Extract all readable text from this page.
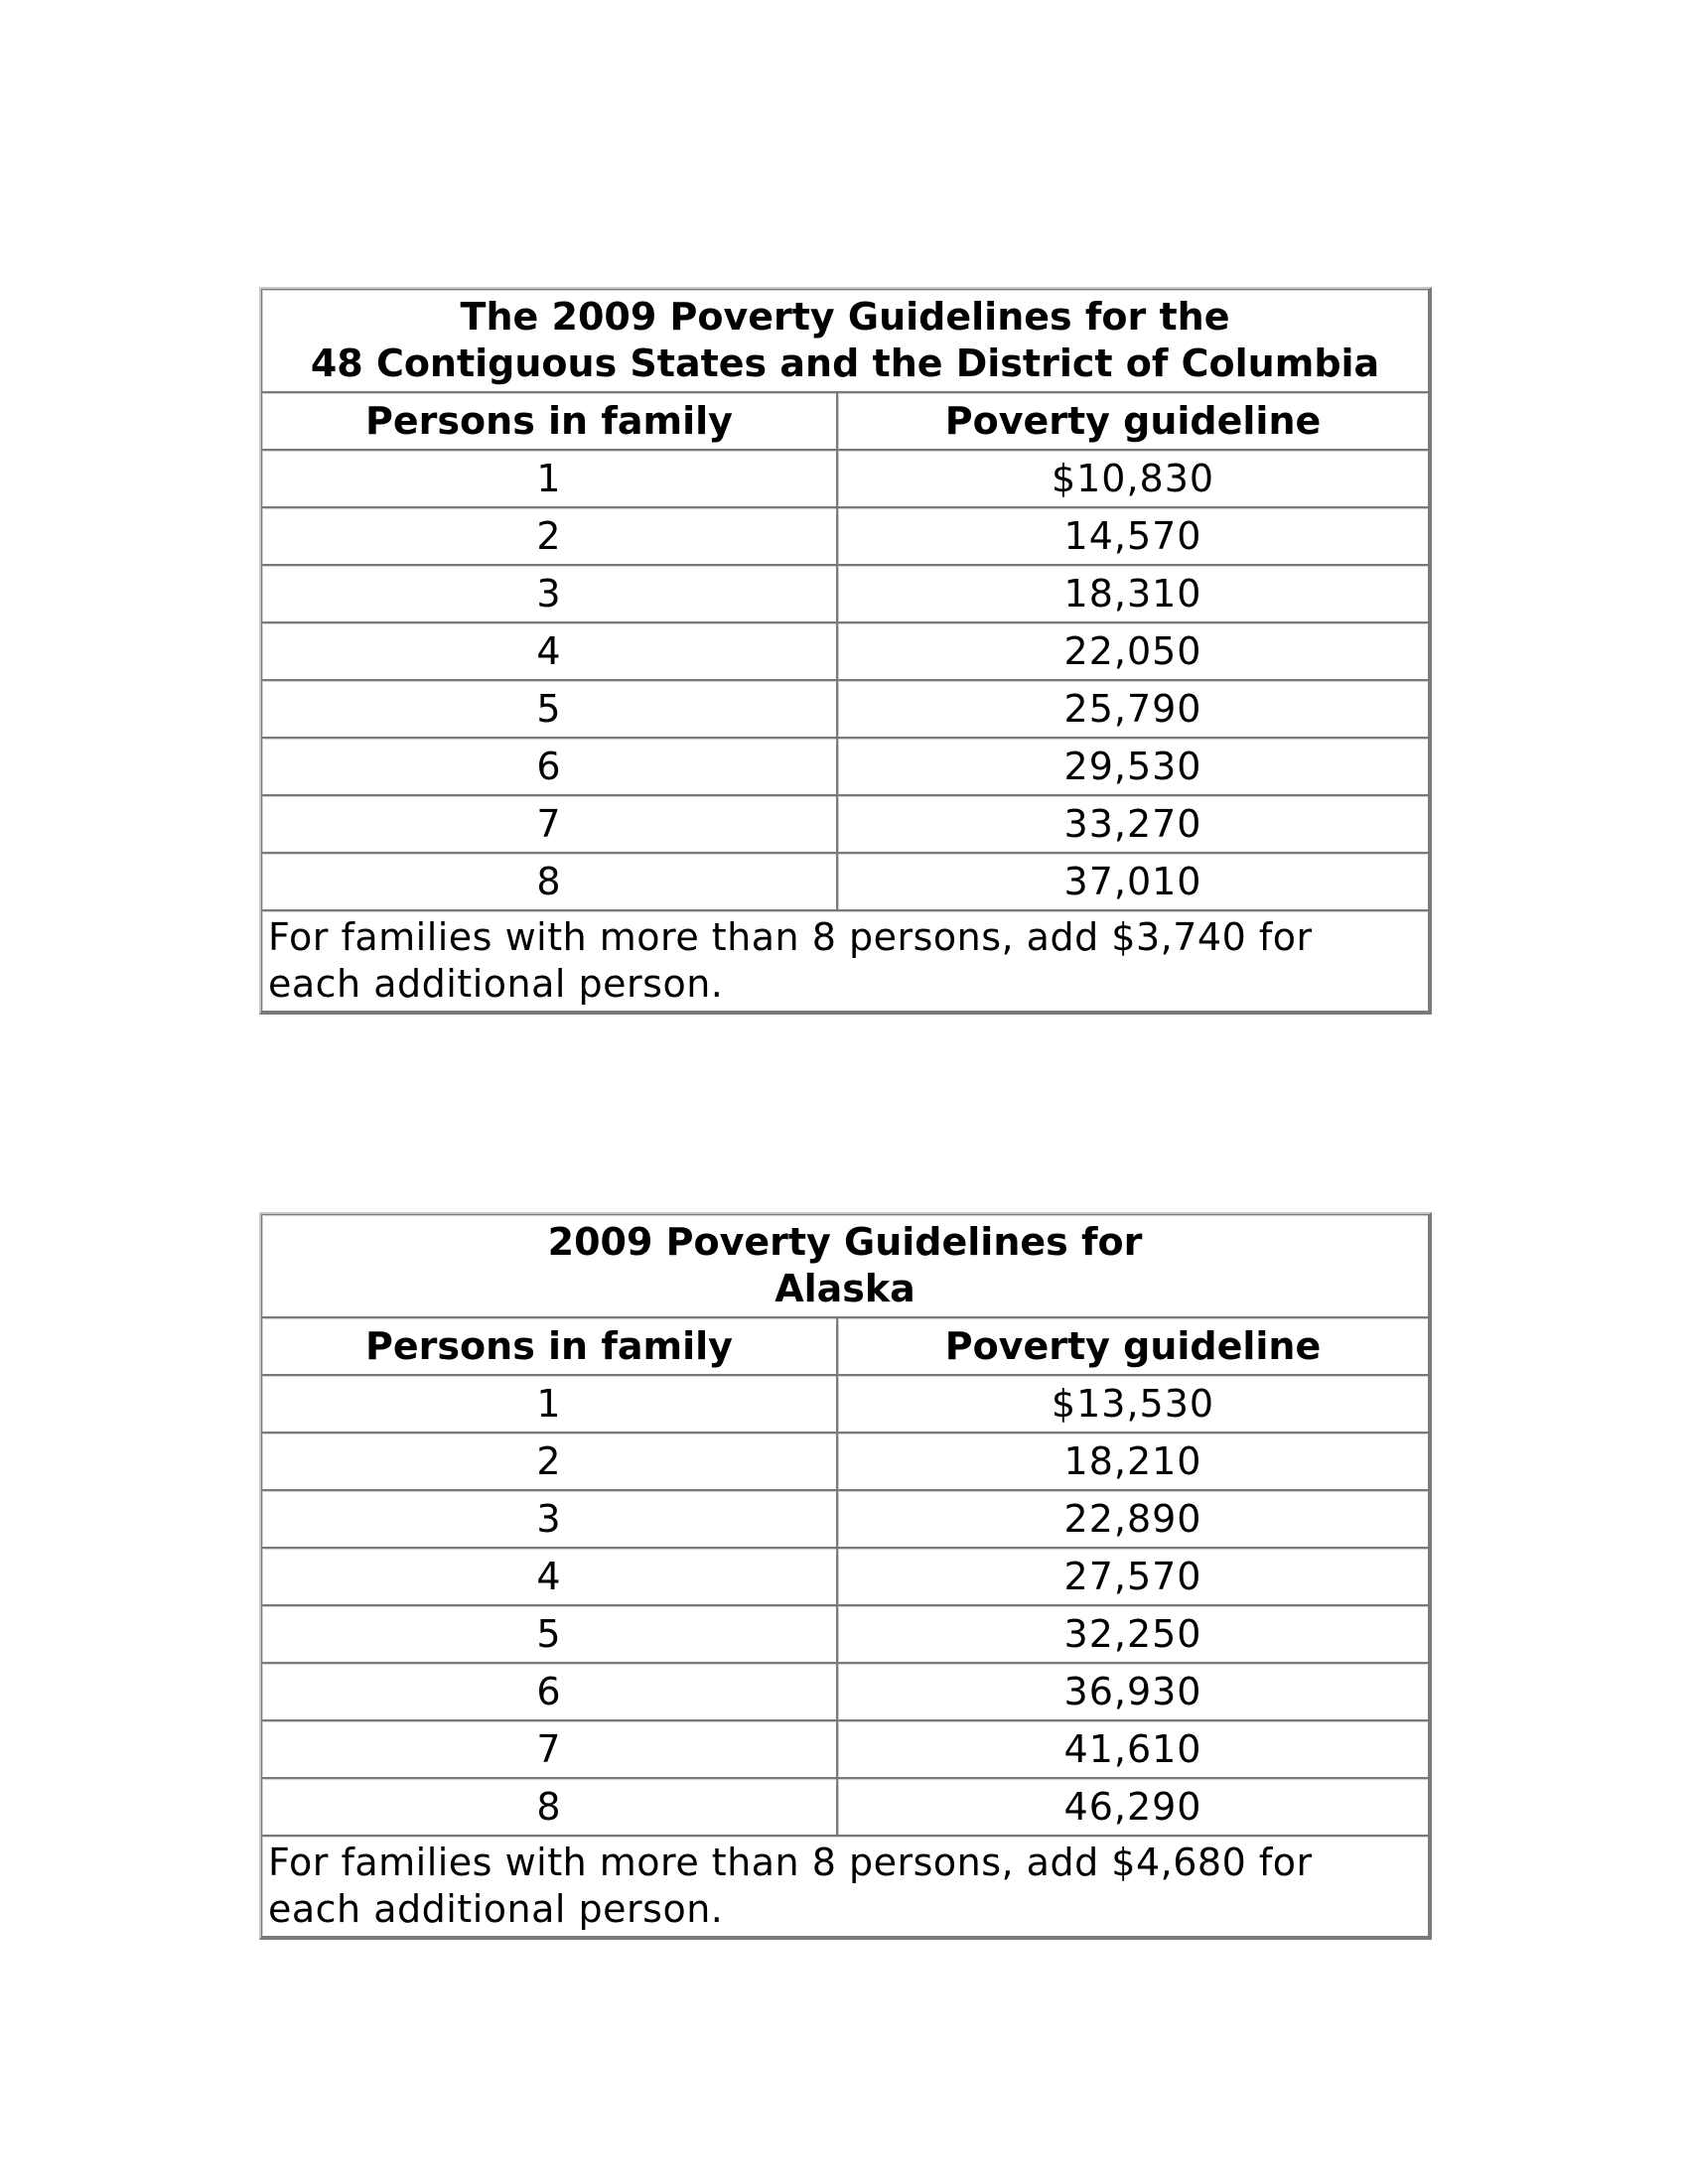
The 2009 Poverty Guidelines for the
48 Contiguous States and the District of Columbia	

Persons in family	Poverty guideline
1	$10,830
2	14,570
3	18,310
4	22,050
5	25,790
6	29,530
7	33,270
8	37,010

For families with more than 8 persons, add $3,740 for
each additional person.	
2009 Poverty Guidelines for
Alaska	

Persons in family	Poverty guideline
1	$13,530
2	18,210
3	22,890
4	27,570
5	32,250
6	36,930
7	41,610
8	46,290

For families with more than 8 persons, add $4,680 for
each additional person.	
